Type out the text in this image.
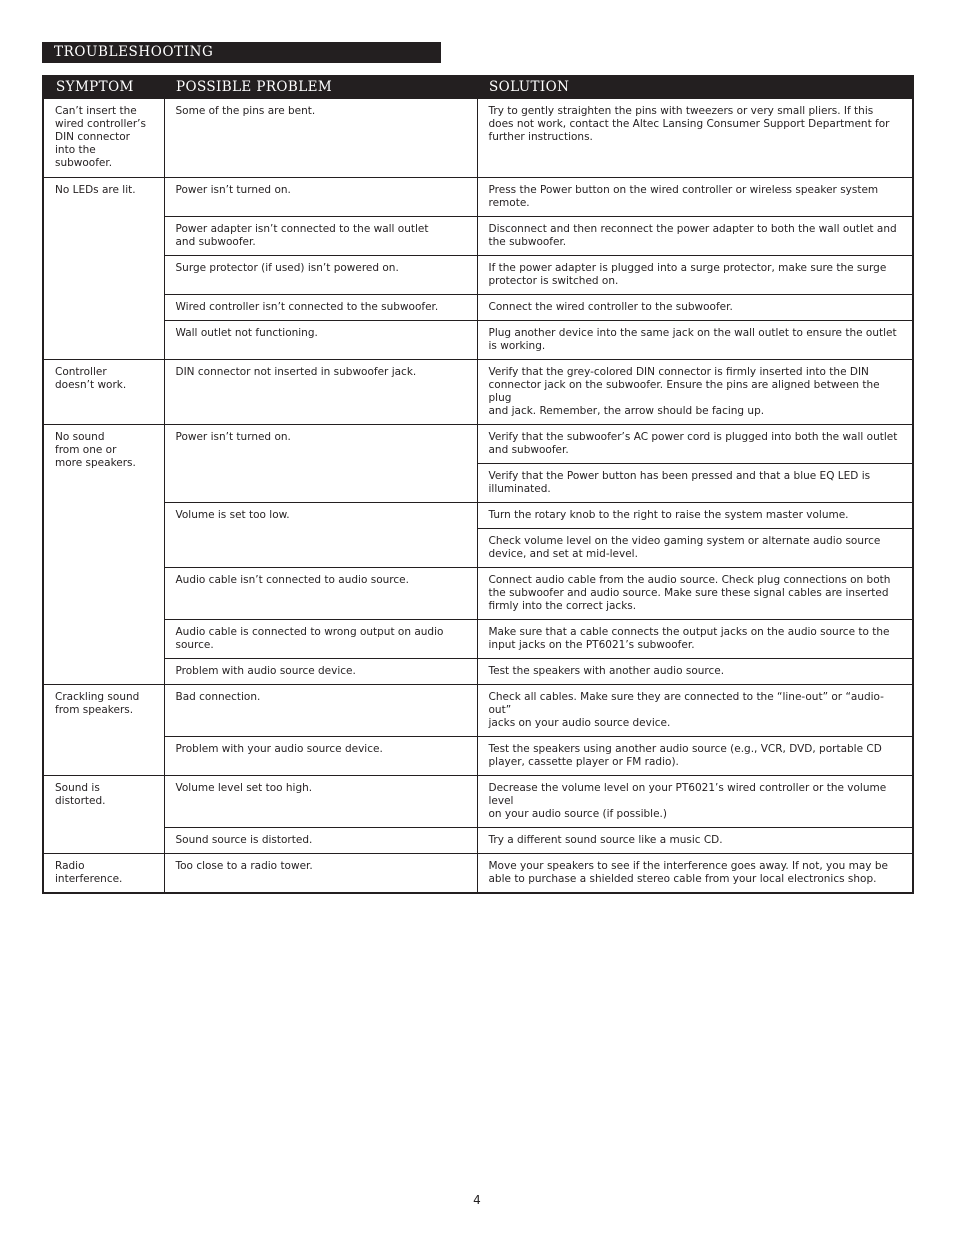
TROUBLESHOOTING
SYMPTOM	POSSIBLE PROBLEM	SOLUTION
Can’t insert the
wired controller’s
DIN connector
into the
subwoofer.	Some of the pins are bent.	Try to gently straighten the pins with tweezers or very small pliers. If this
does not work, contact the Altec Lansing Consumer Support Department for
further instructions.
No LEDs are lit.	Power isn’t turned on.	Press the Power button on the wired controller or wireless speaker system
remote.
	Power adapter isn’t connected to the wall outlet
and subwoofer.	Disconnect and then reconnect the power adapter to both the wall outlet and
the subwoofer.
	Surge protector (if used) isn’t powered on.	If the power adapter is plugged into a surge protector, make sure the surge
protector is switched on.
	Wired controller isn’t connected to the subwoofer.	Connect the wired controller to the subwoofer.
	Wall outlet not functioning.	Plug another device into the same jack on the wall outlet to ensure the outlet
is working.
Controller
doesn’t work.	DIN connector not inserted in subwoofer jack.	Verify that the grey-colored DIN connector is firmly inserted into the DIN
connector jack on the subwoofer. Ensure the pins are aligned between the plug
and jack. Remember, the arrow should be facing up.
No sound
from one or
more speakers.	Power isn’t turned on.	Verify that the subwoofer’s AC power cord is plugged into both the wall outlet
and subwoofer.
		Verify that the Power button has been pressed and that a blue EQ LED is
illuminated.
	Volume is set too low.	Turn the rotary knob to the right to raise the system master volume.
		Check volume level on the video gaming system or alternate audio source
device, and set at mid-level.
	Audio cable isn’t connected to audio source.	Connect audio cable from the audio source. Check plug connections on both
the subwoofer and audio source. Make sure these signal cables are inserted
firmly into the correct jacks.
	Audio cable is connected to wrong output on audio
source.	Make sure that a cable connects the output jacks on the audio source to the
input jacks on the PT6021’s subwoofer.
	Problem with audio source device.	Test the speakers with another audio source.
Crackling sound
from speakers.	Bad connection.	Check all cables. Make sure they are connected to the “line-out” or “audio-out”
jacks on your audio source device.
	Problem with your audio source device.	Test the speakers using another audio source (e.g., VCR, DVD, portable CD
player, cassette player or FM radio).
Sound is
distorted.	Volume level set too high.	Decrease the volume level on your PT6021’s wired controller or the volume level
on your audio source (if possible.)
	Sound source is distorted.	Try a different sound source like a music CD.
Radio
interference.	Too close to a radio tower.	Move your speakers to see if the interference goes away. If not, you may be
able to purchase a shielded stereo cable from your local electronics shop.
4
